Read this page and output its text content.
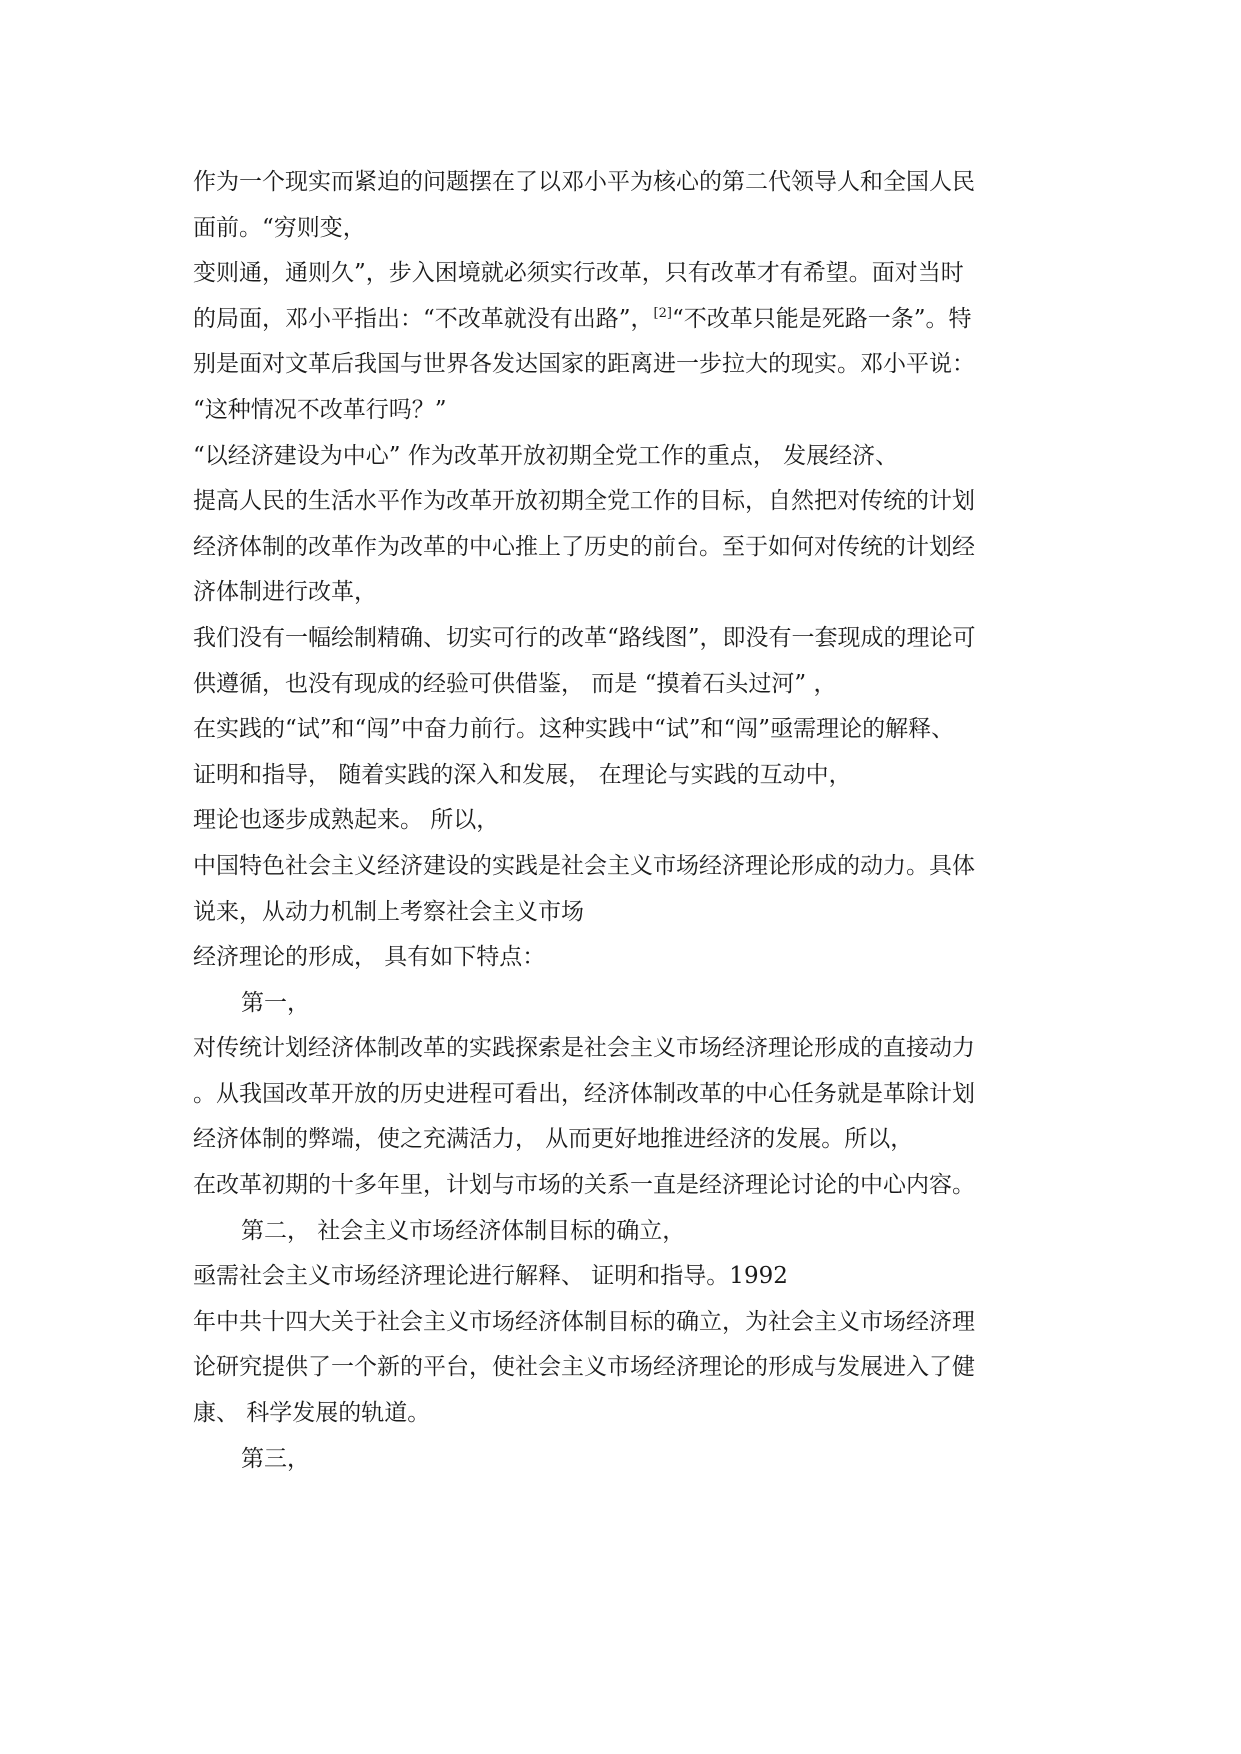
作为一个现实而紧迫的问题摆在了以邓小平为核心的第二代领导人和全国人民
面前。“穷则变，
变则通，通则久”，步入困境就必须实行改革，只有改革才有希望。面对当时
的局面，邓小平指出：“不改革就没有出路”，[2]“不改革只能是死路一条”。特
别是面对文革后我国与世界各发达国家的距离进一步拉大的现实。邓小平说：
“这种情况不改革行吗？”
“以经济建设为中心” 作为改革开放初期全党工作的重点， 发展经济、
提高人民的生活水平作为改革开放初期全党工作的目标，自然把对传统的计划
经济体制的改革作为改革的中心推上了历史的前台。至于如何对传统的计划经
济体制进行改革，
我们没有一幅绘制精确、切实可行的改革“路线图”，即没有一套现成的理论可
供遵循，也没有现成的经验可供借鉴， 而是 “摸着石头过河” ，
在实践的“试”和“闯”中奋力前行。这种实践中“试”和“闯”亟需理论的解释、
证明和指导， 随着实践的深入和发展， 在理论与实践的互动中，
理论也逐步成熟起来。 所以，
中国特色社会主义经济建设的实践是社会主义市场经济理论形成的动力。具体
说来，从动力机制上考察社会主义市场
经济理论的形成， 具有如下特点：
第一，
对传统计划经济体制改革的实践探索是社会主义市场经济理论形成的直接动力
。从我国改革开放的历史进程可看出，经济体制改革的中心任务就是革除计划
经济体制的弊端，使之充满活力， 从而更好地推进经济的发展。所以，
在改革初期的十多年里，计划与市场的关系一直是经济理论讨论的中心内容。
第二， 社会主义市场经济体制目标的确立，
亟需社会主义市场经济理论进行解释、 证明和指导。1992
年中共十四大关于社会主义市场经济体制目标的确立，为社会主义市场经济理
论研究提供了一个新的平台，使社会主义市场经济理论的形成与发展进入了健
康、 科学发展的轨道。
第三，
